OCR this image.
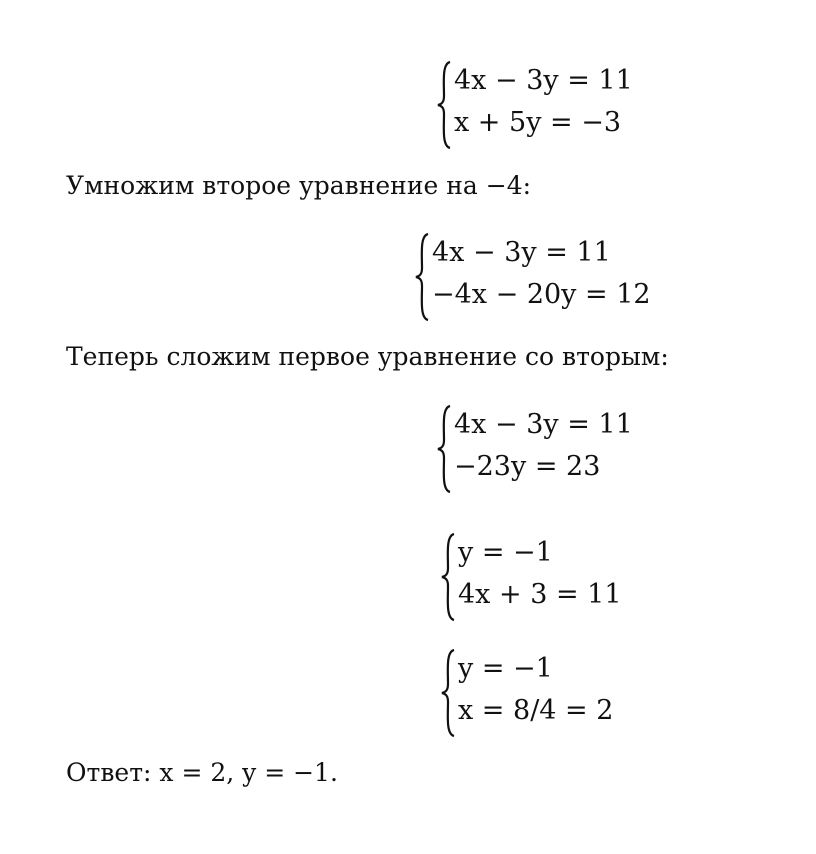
4x − 3y = 11
x + 5y = −3
Умножим второе уравнение на −4:
4x − 3y = 11
−4x − 20y = 12
Теперь сложим первое уравнение со вторым:
4x − 3y = 11
−23y = 23
y = −1
4x + 3 = 11
y = −1
x = 8/4 = 2
Ответ: x = 2, y = −1.
